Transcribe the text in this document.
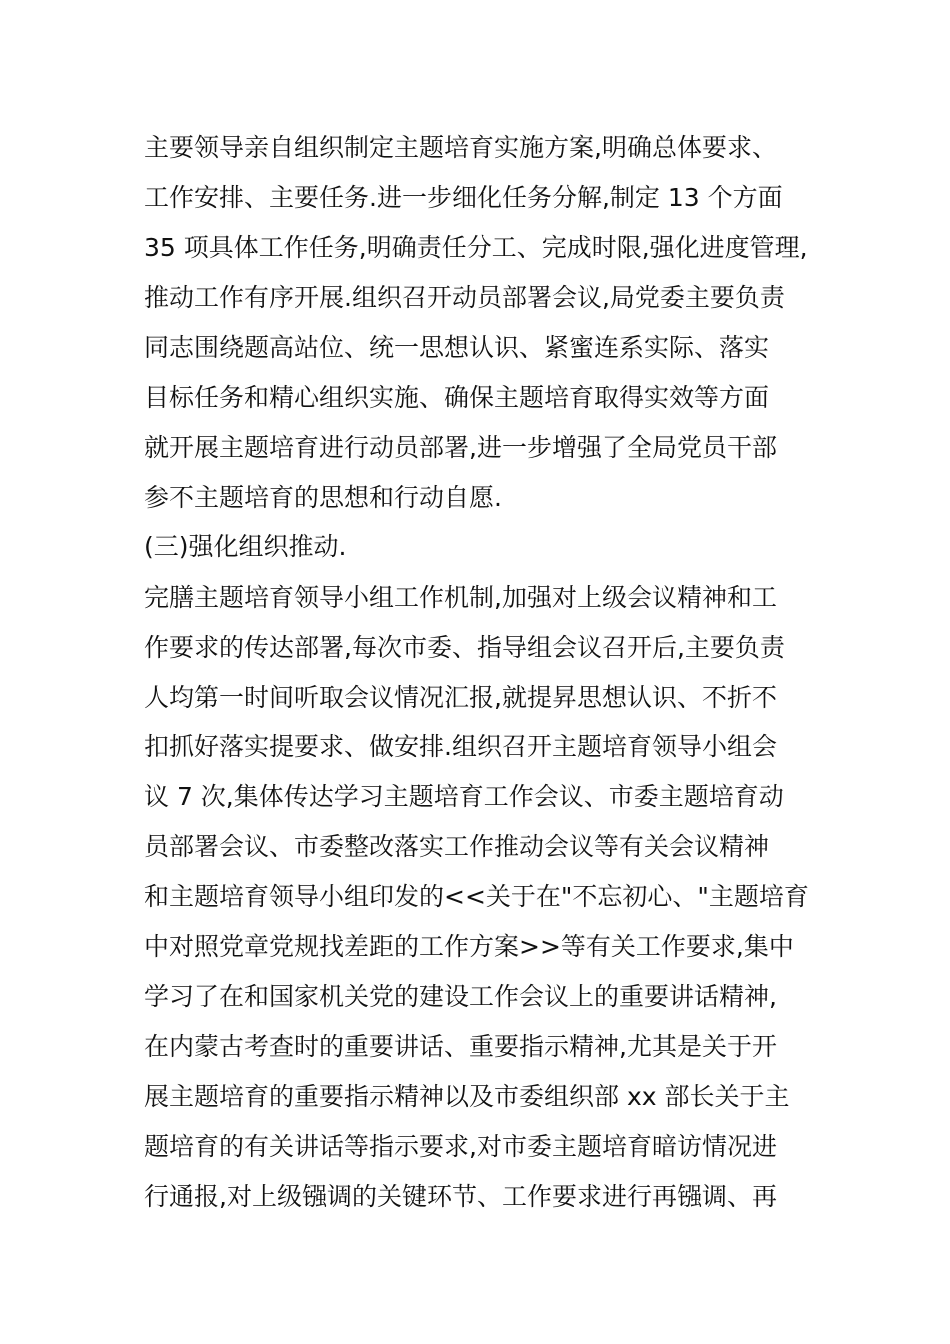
主要领导亲自组织制定主题培育实施方案,明确总体要求、
工作安排、主要任务.进一步细化任务分解,制定 13 个方面
35 项具体工作任务,明确责任分工、完成时限,强化进度管理,
推动工作有序开展.组织召开动员部署会议,局党委主要负责
同志围绕题高站位、统一思想认识、紧蜜连系实际、落实
目标任务和精心组织实施、确保主题培育取得实效等方面
就开展主题培育进行动员部署,进一步增强了全局党员干部
参不主题培育的思想和行动自愿.
(三)强化组织推动.
完膳主题培育领导小组工作机制,加强对上级会议精神和工
作要求的传达部署,每次市委、指导组会议召开后,主要负责
人均第一时间听取会议情况汇报,就提昇思想认识、不折不
扣抓好落实提要求、做安排.组织召开主题培育领导小组会
议 7 次,集体传达学习主题培育工作会议、市委主题培育动
员部署会议、市委整改落实工作推动会议等有关会议精神
和主题培育领导小组印发的<<关于在"不忘初心、"主题培育
中对照党章党规找差距的工作方案>>等有关工作要求,集中
学习了在和国家机关党的建设工作会议上的重要讲话精神,
在内蒙古考查时的重要讲话、重要指示精神,尤其是关于开
展主题培育的重要指示精神以及市委组织部 xx 部长关于主
题培育的有关讲话等指示要求,对市委主题培育暗访情况进
行通报,对上级镪调的关键环节、工作要求进行再镪调、再
